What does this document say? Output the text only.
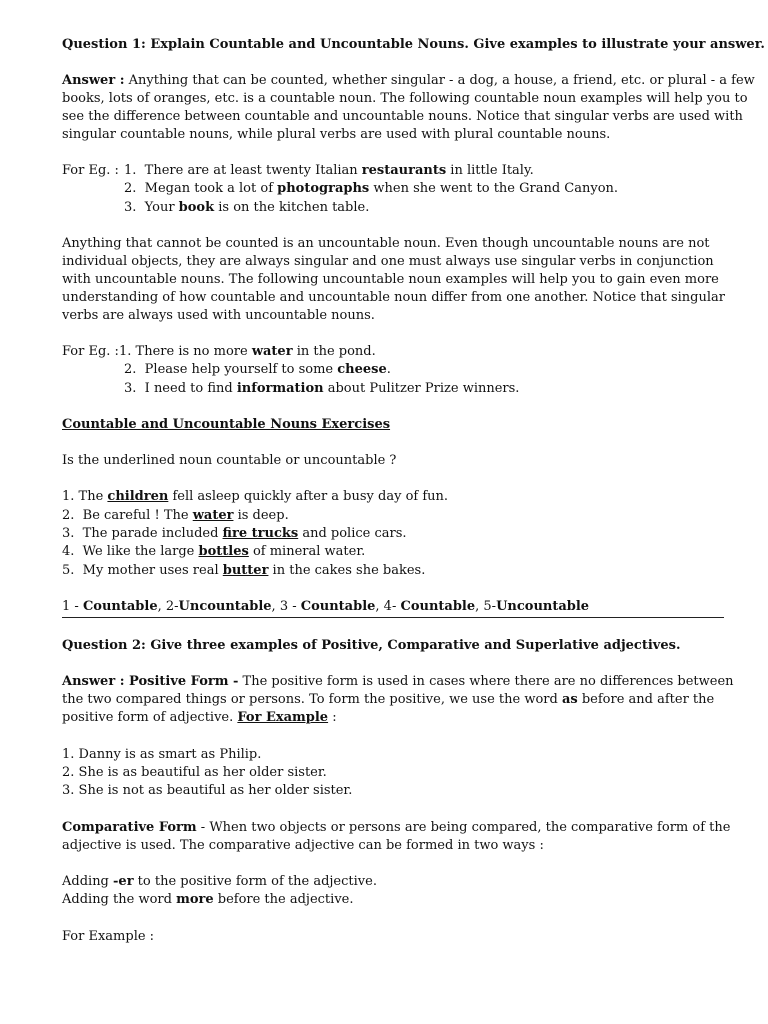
Question 1: Explain Countable and Uncountable Nouns. Give examples to illustrate your answer.

Answer : Anything that can be counted, whether singular - a dog, a house, a friend, etc. or plural - a few

books, lots of oranges, etc. is a countable noun. The following countable noun examples will help you to

see the difference between countable and uncountable nouns. Notice that singular verbs are used with

singular countable nouns, while plural verbs are used with plural countable nouns.

For Eg. : 1. There are at least twenty Italian restaurants in little Italy.

2. Megan took a lot of photographs when she went to the Grand Canyon.

3. Your book is on the kitchen table.

Anything that cannot be counted is an uncountable noun. Even though uncountable nouns are not

individual objects, they are always singular and one must always use singular verbs in conjunction

with uncountable nouns. The following uncountable noun examples will help you to gain even more

understanding of how countable and uncountable noun differ from one another. Notice that singular

verbs are always used with uncountable nouns.

For Eg. : 1. There is no more water in the pond.

2. Please help yourself to some cheese.

3. I need to find information about Pulitzer Prize winners.

Countable and Uncountable Nouns Exercises

Is the underlined noun countable or uncountable ?

1. The children fell asleep quickly after a busy day of fun.

2. Be careful ! The water is deep.

3. The parade included fire trucks and police cars.

4. We like the large bottles of mineral water.

5. My mother uses real butter in the cakes she bakes.

1 - Countable, 2-Uncountable, 3 - Countable, 4- Countable, 5-Uncountable

Question 2: Give three examples of Positive, Comparative and Superlative adjectives.

Answer : Positive Form - The positive form is used in cases where there are no differences between

the two compared things or persons. To form the positive, we use the word as before and after the

positive form of adjective. For Example :

1. Danny is as smart as Philip.

2. She is as beautiful as her older sister.

3. She is not as beautiful as her older sister.

Comparative Form - When two objects or persons are being compared, the comparative form of the

adjective is used. The comparative adjective can be formed in two ways :

Adding -er to the positive form of the adjective.

Adding the word more before the adjective.

For Example :
